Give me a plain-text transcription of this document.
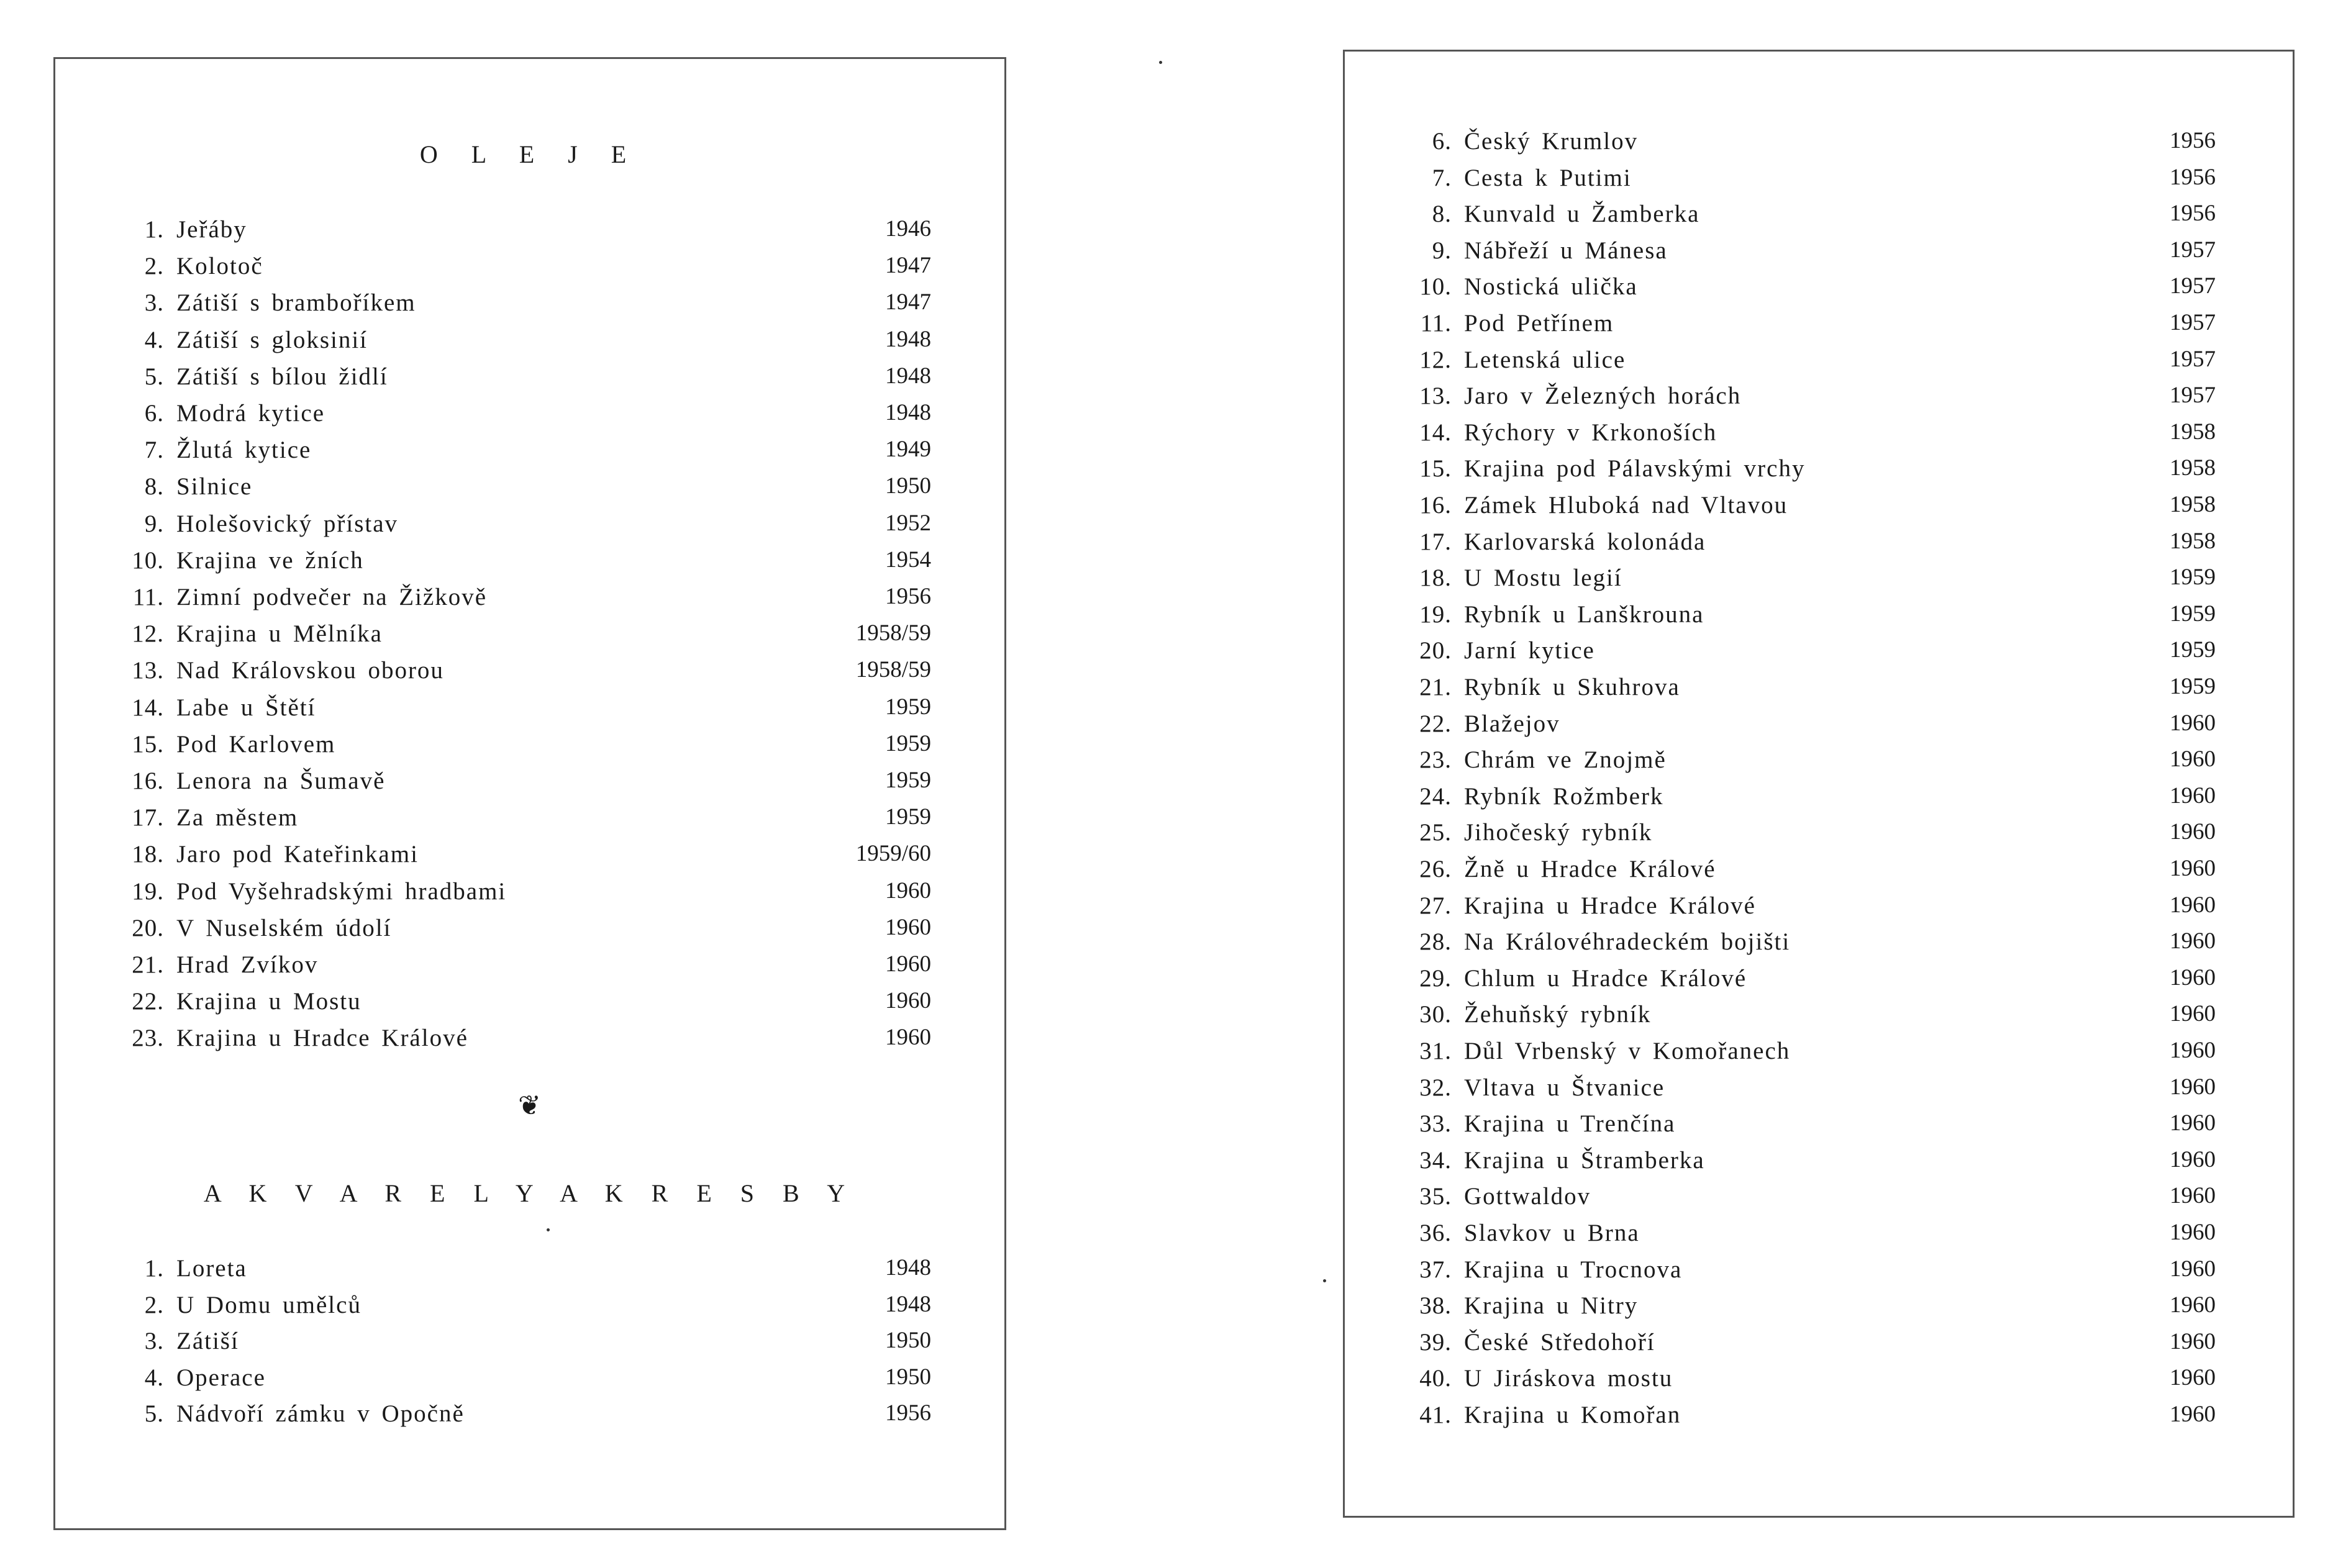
O L E J E
1. Jeřáby	1946
2. Kolotoč	1947
3. Zátiší s bramboříkem	1947
4. Zátiší s gloksinií	1948
5. Zátiší s bílou židlí	1948
6. Modrá kytice	1948
7. Žlutá kytice	1949
8. Silnice	1950
9. Holešovický přístav	1952
10. Krajina ve žních	1954
11. Zimní podvečer na Žižkově	1956
12. Krajina u Mělníka	1958/59
13. Nad Královskou oborou	1958/59
14. Labe u Štětí	1959
15. Pod Karlovem	1959
16. Lenora na Šumavě	1959
17. Za městem	1959
18. Jaro pod Kateřinkami	1959/60
19. Pod Vyšehradskými hradbami	1960
20. V Nuselském údolí	1960
21. Hrad Zvíkov	1960
22. Krajina u Mostu	1960
23. Krajina u Hradce Králové	1960
❦
A K V A R E L Y A K R E S B Y
1. Loreta	1948
2. U Domu umělců	1948
3. Zátiší	1950
4. Operace	1950
5. Nádvoří zámku v Opočně	1956
6. Český Krumlov	1956
7. Cesta k Putimi	1956
8. Kunvald u Žamberka	1956
9. Nábřeží u Mánesa	1957
10. Nostická ulička	1957
11. Pod Petřínem	1957
12. Letenská ulice	1957
13. Jaro v Železných horách	1957
14. Rýchory v Krkonoších	1958
15. Krajina pod Pálavskými vrchy	1958
16. Zámek Hluboká nad Vltavou	1958
17. Karlovarská kolonáda	1958
18. U Mostu legií	1959
19. Rybník u Lanškrouna	1959
20. Jarní kytice	1959
21. Rybník u Skuhrova	1959
22. Blažejov	1960
23. Chrám ve Znojmě	1960
24. Rybník Rožmberk	1960
25. Jihočeský rybník	1960
26. Žně u Hradce Králové	1960
27. Krajina u Hradce Králové	1960
28. Na Královéhradeckém bojišti	1960
29. Chlum u Hradce Králové	1960
30. Žehuňský rybník	1960
31. Důl Vrbenský v Komořanech	1960
32. Vltava u Štvanice	1960
33. Krajina u Trenčína	1960
34. Krajina u Štramberka	1960
35. Gottwaldov	1960
36. Slavkov u Brna	1960
37. Krajina u Trocnova	1960
38. Krajina u Nitry	1960
39. České Středohoří	1960
40. U Jiráskova mostu	1960
41. Krajina u Komořan	1960
